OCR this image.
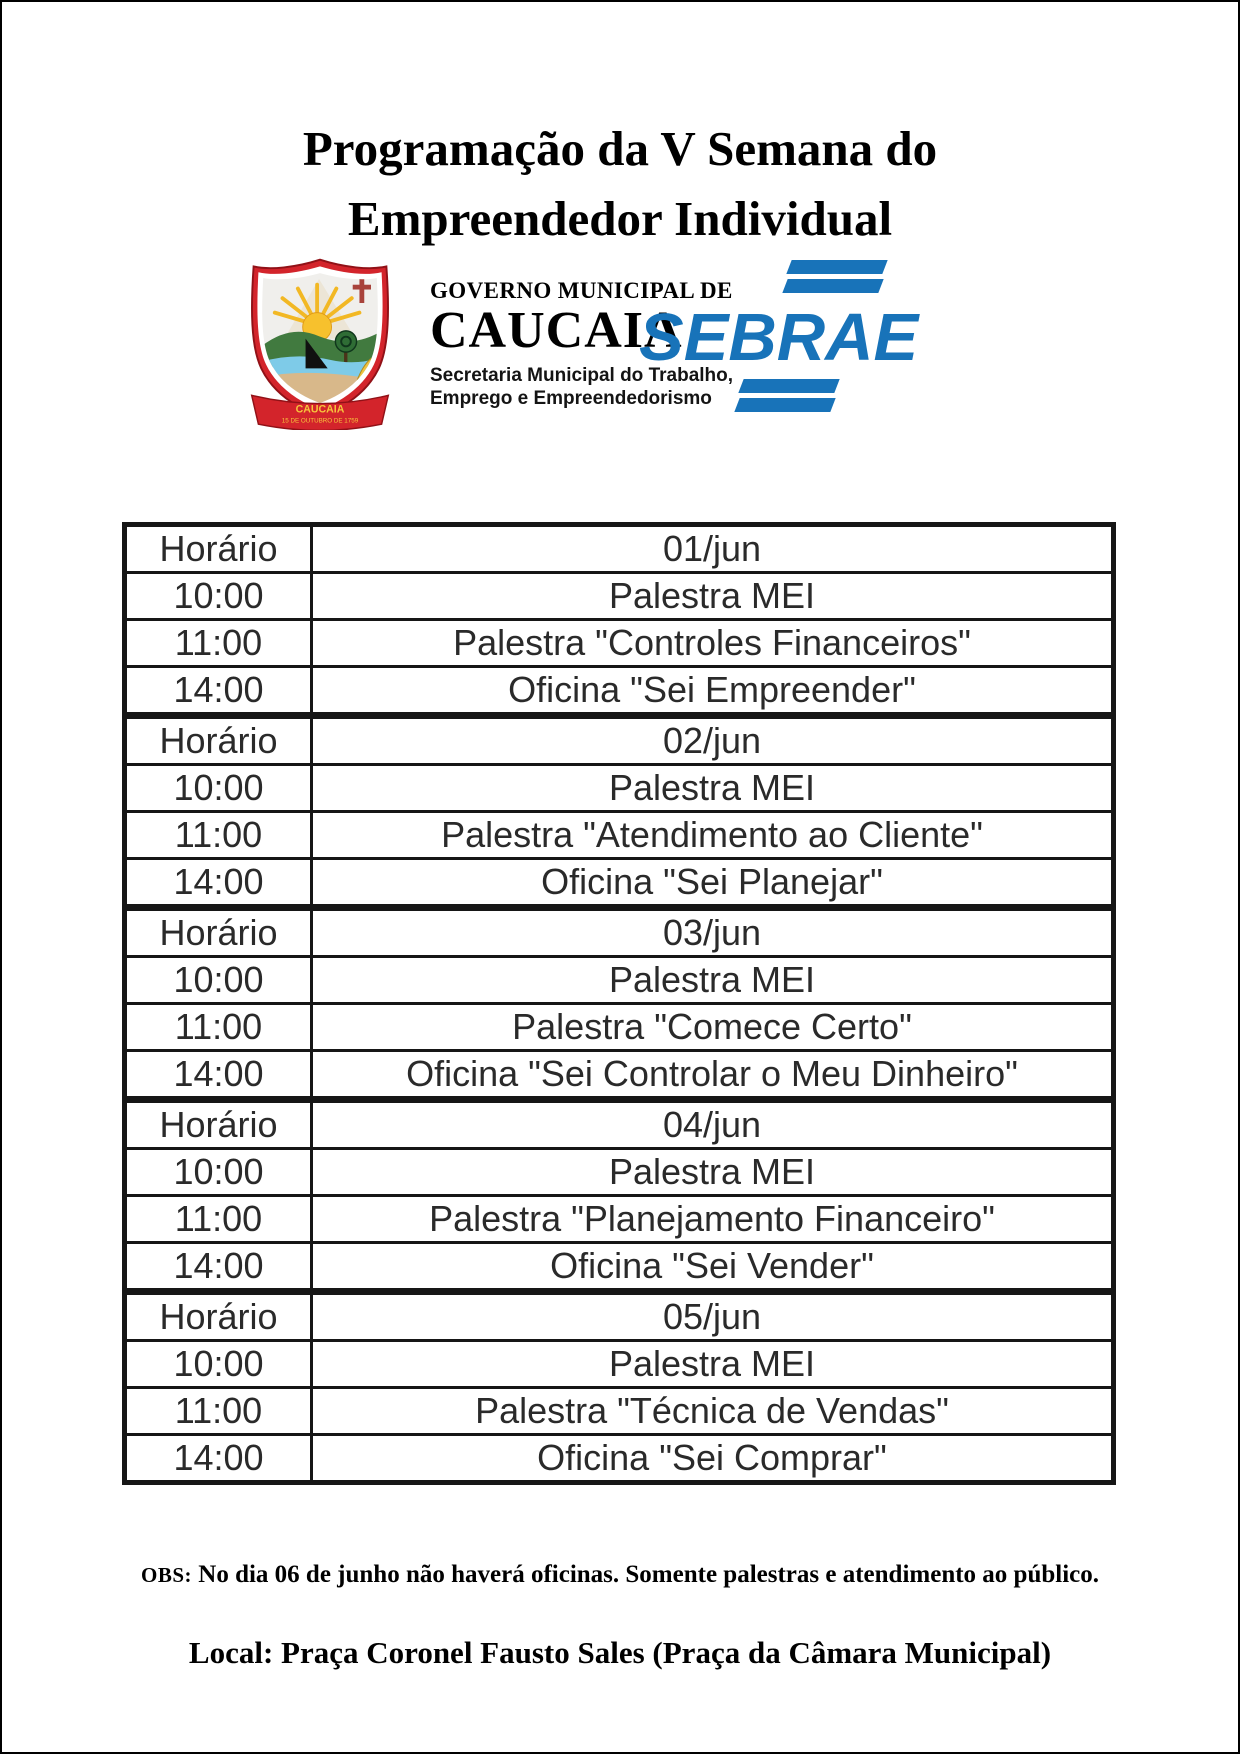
Programação da V Semana do
Empreendedor Individual
CAUCAIA
15 DE OUTUBRO DE 1759
GOVERNO MUNICIPAL DE
CAUCAIA
Secretaria Municipal do Trabalho,
Emprego e Empreendedorismo
SEBRAE
Horário	01/jun
10:00	Palestra MEI
11:00	Palestra "Controles Financeiros"
14:00	Oficina "Sei Empreender"
Horário	02/jun
10:00	Palestra MEI
11:00	Palestra "Atendimento ao Cliente"
14:00	Oficina "Sei Planejar"
Horário	03/jun
10:00	Palestra MEI
11:00	Palestra "Comece Certo"
14:00	Oficina "Sei Controlar o Meu Dinheiro"
Horário	04/jun
10:00	Palestra MEI
11:00	Palestra "Planejamento Financeiro"
14:00	Oficina "Sei Vender"
Horário	05/jun
10:00	Palestra MEI
11:00	Palestra "Técnica de Vendas"
14:00	Oficina "Sei Comprar"

OBS: No dia 06 de junho não haverá oficinas. Somente palestras e atendimento ao público.

Local: Praça Coronel Fausto Sales (Praça da Câmara Municipal)
